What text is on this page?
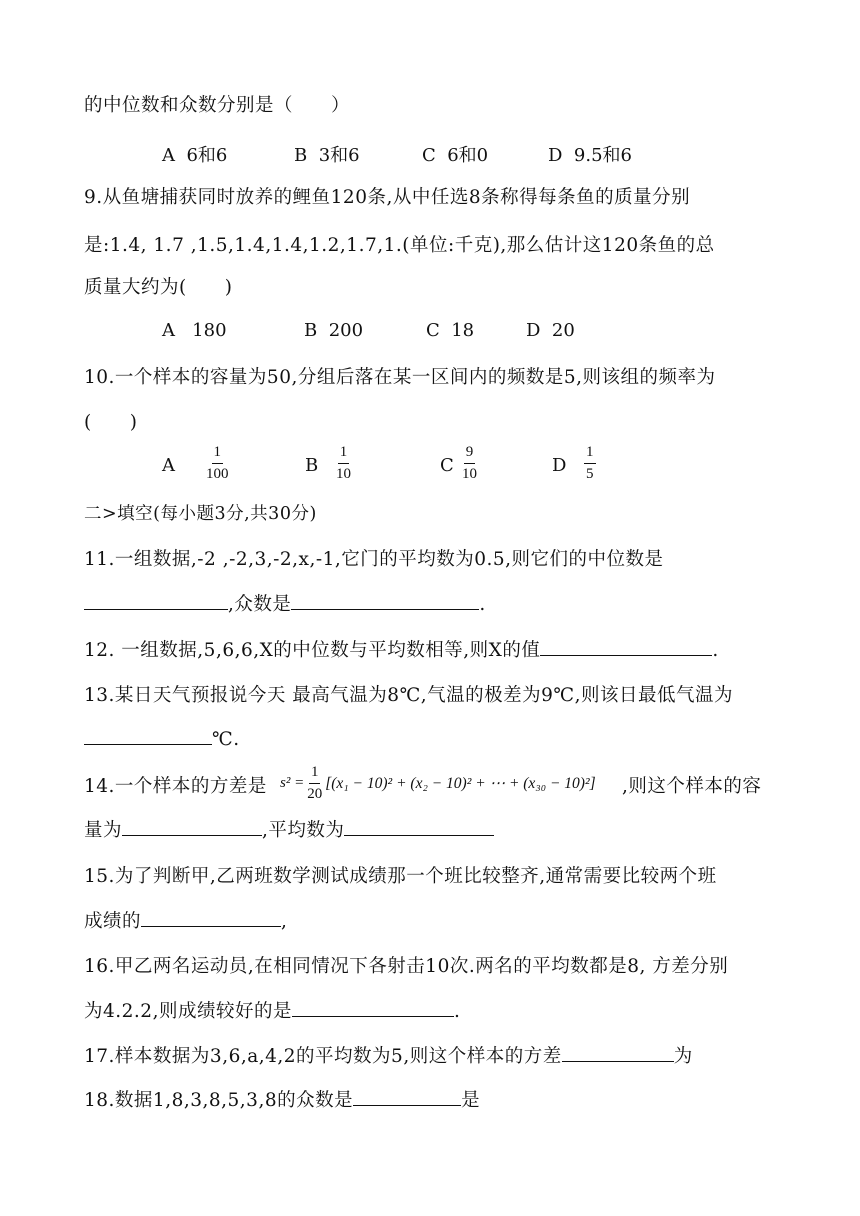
的中位数和众数分别是（　　）
A 6和6	B 3和6	C 6和0	D 9.5和6
9.从鱼塘捕获同时放养的鲤鱼120条,从中任选8条称得每条鱼的质量分别
是:1.4, 1.7 ,1.5,1.4,1.4,1.2,1.7,1.(单位:千克),那么估计这120条鱼的总
质量大约为(　　)
A 180	B 200	C 18	D 20
10.一个样本的容量为50,分组后落在某一区间内的频数是5,则该组的频率为
(　　)
A $\frac{1}{100}$	B $\frac{1}{10}$	C $\frac{9}{10}$	D $\frac{1}{5}$
二>填空(每小题3分,共30分)
11.一组数据,-2 ,-2,3,-2,x,-1,它门的平均数为0.5,则它们的中位数是
,众数是	.
12. 一组数据,5,6,6,X的中位数与平均数相等,则X的值	.
13.某日天气预报说今天 最高气温为8℃,气温的极差为9℃,则该日最低气温为
℃.
14.一个样本的方差是 $s^2 = \frac{1}{20} [(x_1 - 10)^2 + (x_2 - 10)^2$ + ⋯ + (x₃₀ − 10)²] ,则这个样本的容
量为	,平均数为
15.为了判断甲,乙两班数学测试成绩那一个班比较整齐,通常需要比较两个班
成绩的	,
16.甲乙两名运动员,在相同情况下各射击10次.两名的平均数都是8, 方差分别
为4.2.2,则成绩较好的是	.
17.样本数据为3,6,a,4,2的平均数为5,则这个样本的方差	为
18.数据1,8,3,8,5,3,8的众数是	是
